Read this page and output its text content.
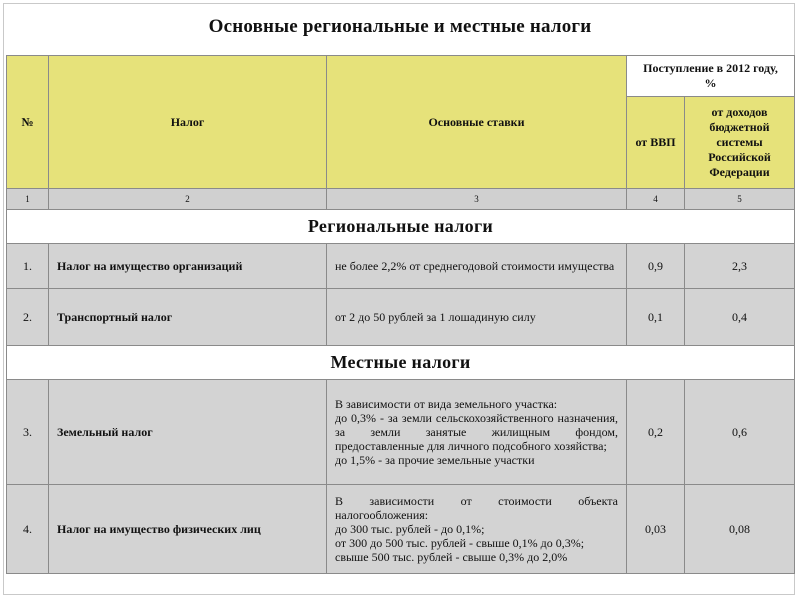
Основные региональные и местные налоги
№	Налог	Основные ставки	Поступление в 2012 году, %	

			от ВВП	от доходов бюджетной системы Российской Федерации

1	2	3	4	5
Региональные налоги				
1.	Налог на имущество организаций	не более 2,2% от среднегодовой стоимости имущества	0,9	2,3
2.	Транспортный налог	от 2 до 50 рублей за 1 лошадиную силу	0,1	0,4
Местные налоги				
3.	Земельный налог	В зависимости от вида земельного участка:
до 0,3% - за земли сельскохозяйственного назначения, за земли занятые жилищным фондом, предоставленные для личного подсобного хозяйства;
до 1,5% - за прочие земельные участки	0,2	0,6
4.	Налог на имущество физических лиц	В зависимости от стоимости объекта налогообложения:
до 300 тыс. рублей - до 0,1%;
от 300 до 500 тыс. рублей - свыше 0,1% до 0,3%;
свыше 500 тыс. рублей - свыше 0,3% до 2,0%	0,03	0,08
